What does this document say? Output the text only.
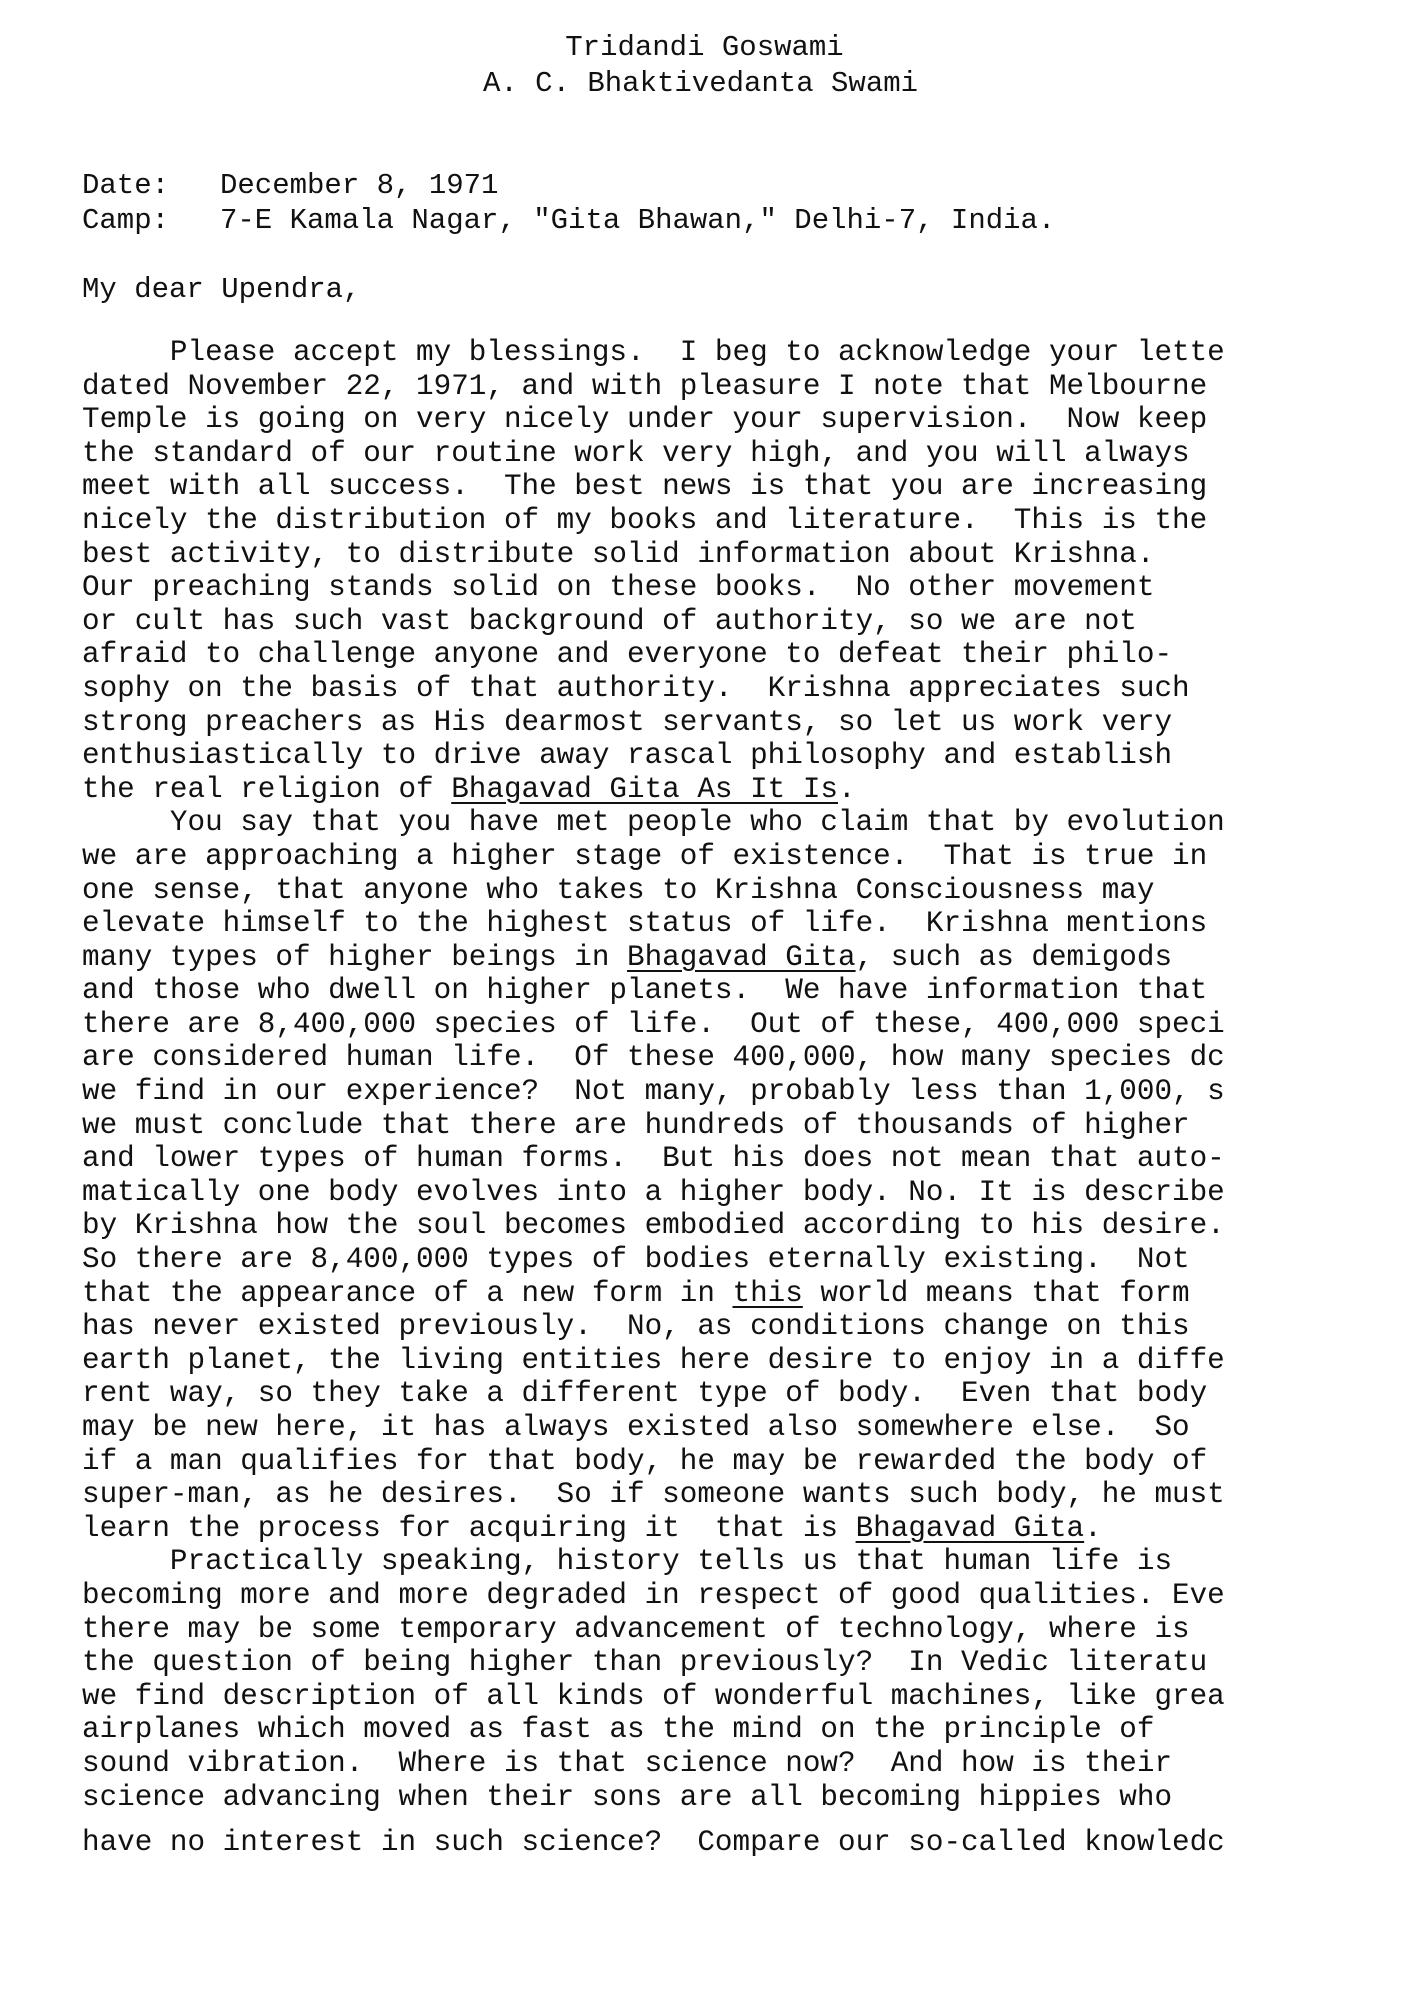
Tridandi Goswami
A. C. Bhaktivedanta Swami
Date: December 8, 1971
Camp: 7-E Kamala Nagar, "Gita Bhawan," Delhi-7, India.
My dear Upendra,
Please accept my blessings.  I beg to acknowledge your lette
dated November 22, 1971, and with pleasure I note that Melbourne
Temple is going on very nicely under your supervision.  Now keep
the standard of our routine work very high, and you will always
meet with all success.  The best news is that you are increasing
nicely the distribution of my books and literature.  This is the
best activity, to distribute solid information about Krishna.
Our preaching stands solid on these books.  No other movement
or cult has such vast background of authority, so we are not
afraid to challenge anyone and everyone to defeat their philo-
sophy on the basis of that authority.  Krishna appreciates such
strong preachers as His dearmost servants, so let us work very
enthusiastically to drive away rascal philosophy and establish
the real religion of Bhagavad Gita As It Is.
You say that you have met people who claim that by evolution
we are approaching a higher stage of existence.  That is true in
one sense, that anyone who takes to Krishna Consciousness may
elevate himself to the highest status of life.  Krishna mentions
many types of higher beings in Bhagavad Gita, such as demigods
and those who dwell on higher planets.  We have information that
there are 8,400,000 species of life.  Out of these, 400,000 speci
are considered human life.  Of these 400,000, how many species dc
we find in our experience?  Not many, probably less than 1,000, s
we must conclude that there are hundreds of thousands of higher
and lower types of human forms.  But his does not mean that auto-
matically one body evolves into a higher body. No. It is describe
by Krishna how the soul becomes embodied according to his desire.
So there are 8,400,000 types of bodies eternally existing.  Not
that the appearance of a new form in this world means that form
has never existed previously.  No, as conditions change on this
earth planet, the living entities here desire to enjoy in a diffe
rent way, so they take a different type of body.  Even that body
may be new here, it has always existed also somewhere else.  So
if a man qualifies for that body, he may be rewarded the body of
super-man, as he desires.  So if someone wants such body, he must
learn the process for acquiring it  that is Bhagavad Gita.
Practically speaking, history tells us that human life is
becoming more and more degraded in respect of good qualities. Eve
there may be some temporary advancement of technology, where is
the question of being higher than previously?  In Vedic literatu
we find description of all kinds of wonderful machines, like grea
airplanes which moved as fast as the mind on the principle of
sound vibration.  Where is that science now?  And how is their
science advancing when their sons are all becoming hippies who
have no interest in such science?  Compare our so-called knowledc
